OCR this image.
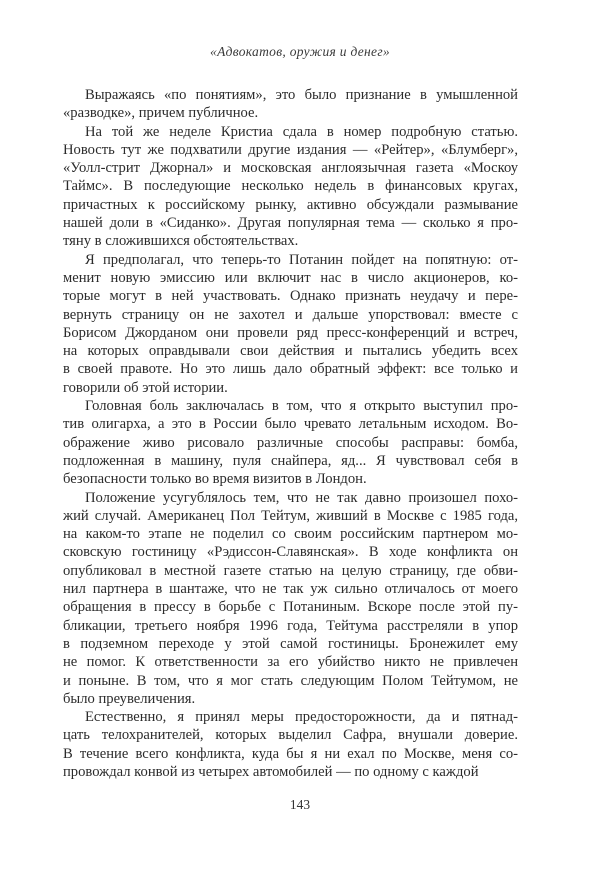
«Адвокатов, оружия и денег»
Выражаясь «по понятиям», это было признание в умышленной
«разводке», причем публичное.
На той же неделе Кристиа сдала в номер подробную статью.
Новость тут же подхватили другие издания — «Рейтер», «Блумберг»,
«Уолл-стрит Джорнал» и московская англоязычная газета «Москоу
Таймс». В последующие несколько недель в финансовых кругах,
причастных к российскому рынку, активно обсуждали размывание
нашей доли в «Сиданко». Другая популярная тема — сколько я про-
тяну в сложившихся обстоятельствах.
Я предполагал, что теперь-то Потанин пойдет на попятную: от-
менит новую эмиссию или включит нас в число акционеров, ко-
торые могут в ней участвовать. Однако признать неудачу и пере-
вернуть страницу он не захотел и дальше упорствовал: вместе с
Борисом Джорданом они провели ряд пресс-конференций и встреч,
на которых оправдывали свои действия и пытались убедить всех
в своей правоте. Но это лишь дало обратный эффект: все только и
говорили об этой истории.
Головная боль заключалась в том, что я открыто выступил про-
тив олигарха, а это в России было чревато летальным исходом. Во-
ображение живо рисовало различные способы расправы: бомба,
подложенная в машину, пуля снайпера, яд... Я чувствовал себя в
безопасности только во время визитов в Лондон.
Положение усугублялось тем, что не так давно произошел похо-
жий случай. Американец Пол Тейтум, живший в Москве с 1985 года,
на каком-то этапе не поделил со своим российским партнером мо-
сковскую гостиницу «Рэдиссон-Славянская». В ходе конфликта он
опубликовал в местной газете статью на целую страницу, где обви-
нил партнера в шантаже, что не так уж сильно отличалось от моего
обращения в прессу в борьбе с Потаниным. Вскоре после этой пу-
бликации, третьего ноября 1996 года, Тейтума расстреляли в упор
в подземном переходе у этой самой гостиницы. Бронежилет ему
не помог. К ответственности за его убийство никто не привлечен
и поныне. В том, что я мог стать следующим Полом Тейтумом, не
было преувеличения.
Естественно, я принял меры предосторожности, да и пятнад-
цать телохранителей, которых выделил Сафра, внушали доверие.
В течение всего конфликта, куда бы я ни ехал по Москве, меня со-
провождал конвой из четырех автомобилей — по одному с каждой
143
